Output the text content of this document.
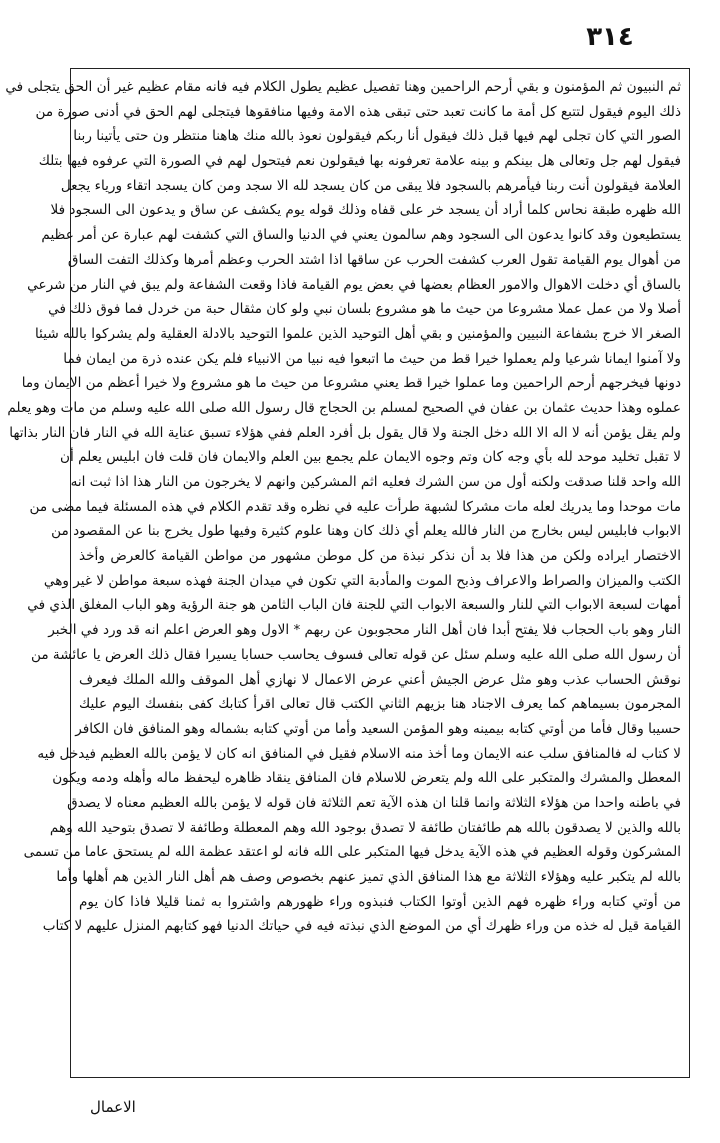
٣١٤
ثم النبيون ثم المؤمنون و بقي أرحم الراحمين وهنا تفصيل عظيم يطول الكلام فيه فانه مقام عظيم غير أن الحق يتجلى في
ذلك اليوم فيقول لتتبع كل أمة ما كانت تعبد حتى تبقى هذه الامة وفيها منافقوها فيتجلى لهم الحق في أدنى صورة من
الصور التي كان تجلى لهم فيها قبل ذلك فيقول أنا ربكم فيقولون نعوذ بالله منك هاهنا منتظر ون حتى يأتينا ربنا
فيقول لهم جل وتعالى هل بينكم و بينه علامة تعرفونه بها فيقولون نعم فيتحول لهم في الصورة التي عرفوه فيها بتلك
العلامة فيقولون أنت ربنا فيأمرهم بالسجود فلا يبقى من كان يسجد لله الا سجد ومن كان يسجد اتقاء ورياء يجعل
الله ظهره طبقة نحاس كلما أراد أن يسجد خر على قفاه وذلك قوله يوم يكشف عن ساق و يدعون الى السجود فلا
يستطيعون وقد كانوا يدعون الى السجود وهم سالمون يعني في الدنيا والساق التي كشفت لهم عبارة عن أمر عظيم
من أهوال يوم القيامة تقول العرب كشفت الحرب عن ساقها اذا اشتد الحرب وعظم أمرها وكذلك التفت الساق
بالساق أي دخلت الاهوال والامور العظام بعضها في بعض يوم القيامة فاذا وقعت الشفاعة ولم يبق في النار من شرعي
أصلا ولا من عمل عملا مشروعا من حيث ما هو مشروع بلسان نبي ولو كان مثقال حبة من خردل فما فوق ذلك في
الصغر الا خرج بشفاعة النبيين والمؤمنين و بقي أهل التوحيد الذين علموا التوحيد بالادلة العقلية ولم يشركوا بالله شيئا
ولا آمنوا ايمانا شرعيا ولم يعملوا خيرا قط من حيث ما اتبعوا فيه نبيا من الانبياء فلم يكن عنده ذرة من ايمان فما
دونها فيخرجهم أرحم الراحمين وما عملوا خيرا قط يعني مشروعا من حيث ما هو مشروع ولا خيرا أعظم من الايمان وما
عملوه وهذا حديث عثمان بن عفان في الصحيح لمسلم بن الحجاج قال رسول الله صلى الله عليه وسلم من مات وهو يعلم
ولم يقل يؤمن أنه لا اله الا الله دخل الجنة ولا قال يقول بل أفرد العلم ففي هؤلاء تسبق عناية الله في النار فان النار بذاتها
لا تقبل تخليد موحد لله بأي وجه كان وتم وجوه الايمان علم يجمع بين العلم والايمان فان قلت فان ابليس يعلم أن
الله واحد قلنا صدقت ولكنه أول من سن الشرك فعليه اثم المشركين وانهم لا يخرجون من النار هذا اذا ثبت انه
مات موحدا وما يدريك لعله مات مشركا لشبهة طرأت عليه في نظره وقد تقدم الكلام في هذه المسئلة فيما مضى من
الابواب فابليس ليس بخارج من النار فالله يعلم أي ذلك كان وهنا علوم كثيرة وفيها طول يخرج بنا عن المقصود من
الاختصار ايراده ولكن من هذا فلا بد أن نذكر نبذة من كل موطن مشهور من مواطن القيامة كالعرض وأخذ
الكتب والميزان والصراط والاعراف وذبح الموت والمأدبة التي تكون في ميدان الجنة فهذه سبعة مواطن لا غير وهي
أمهات لسبعة الابواب التي للنار والسبعة الابواب التي للجنة فان الباب الثامن هو جنة الرؤية وهو الباب المغلق الذي في
النار وهو باب الحجاب فلا يفتح أبدا فان أهل النار محجوبون عن ربهم * الاول وهو العرض اعلم انه قد ورد في الخبر
أن رسول الله صلى الله عليه وسلم سئل عن قوله تعالى فسوف يحاسب حسابا يسيرا فقال ذلك العرض يا عائشة من
نوقش الحساب عذب وهو مثل عرض الجيش أعني عرض الاعمال لا نهازي أهل الموقف والله الملك فيعرف
المجرمون بسيماهم كما يعرف الاجناد هنا بزيهم الثاني الكتب قال تعالى اقرأ كتابك كفى بنفسك اليوم عليك
حسيبا وقال فأما من أوتي كتابه بيمينه وهو المؤمن السعيد وأما من أوتي كتابه بشماله وهو المنافق فان الكافر
لا كتاب له فالمنافق سلب عنه الايمان وما أخذ منه الاسلام فقيل في المنافق انه كان لا يؤمن بالله العظيم فيدخل فيه
المعطل والمشرك والمتكبر على الله ولم يتعرض للاسلام فان المنافق ينقاد ظاهره ليحفظ ماله وأهله ودمه ويكون
في باطنه واحدا من هؤلاء الثلاثة وانما قلنا ان هذه الآية تعم الثلاثة فان قوله لا يؤمن بالله العظيم معناه لا يصدق
بالله والذين لا يصدقون بالله هم طائفتان طائفة لا تصدق بوجود الله وهم المعطلة وطائفة لا تصدق بتوحيد الله وهم
المشركون وقوله العظيم في هذه الآية يدخل فيها المتكبر على الله فانه لو اعتقد عظمة الله لم يستحق عاما من تسمى
بالله لم يتكبر عليه وهؤلاء الثلاثة مع هذا المنافق الذي تميز عنهم بخصوص وصف هم أهل النار الذين هم أهلها وأما
من أوتي كتابه وراء ظهره فهم الذين أوتوا الكتاب فنبذوه وراء ظهورهم واشتروا به ثمنا قليلا فاذا كان يوم
القيامة قيل له خذه من وراء ظهرك أي من الموضع الذي نبذته فيه في حياتك الدنيا فهو كتابهم المنزل عليهم لا كتاب
الاعمال
